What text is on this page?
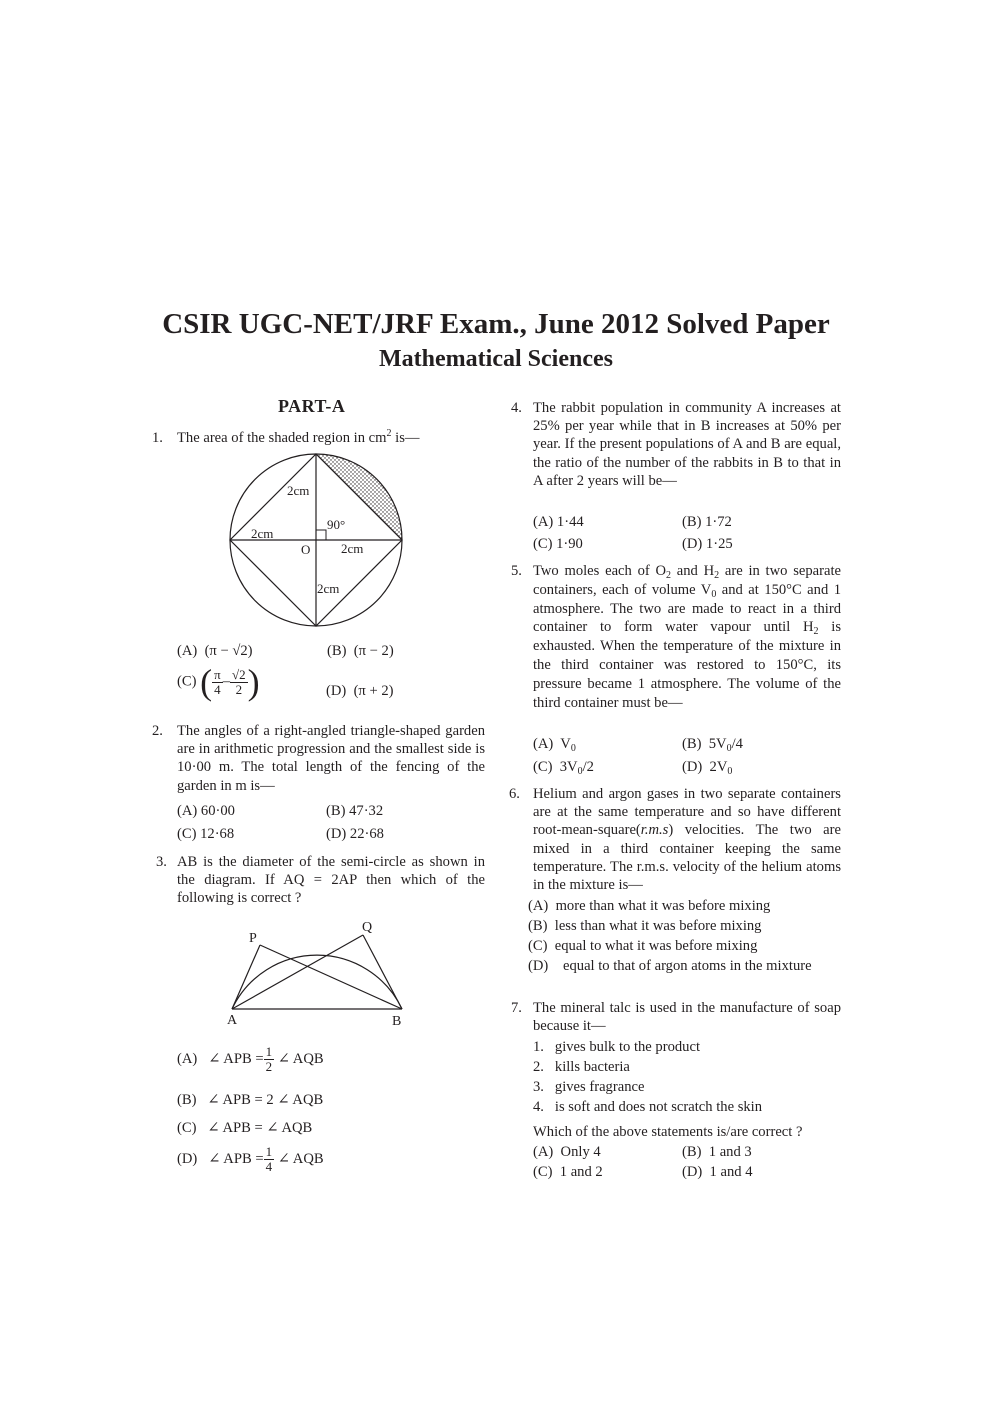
CSIR UGC-NET/JRF Exam., June 2012 Solved Paper
Mathematical Sciences
PART-A
1. The area of the shaded region in $cm^2$ is—
2cm
2cm
2cm
2cm
90°
O
(A) (π − √2)	(B) (π − 2)
(C) ( $\frac{\pi}{4} - \frac{√2}{2}$ )	(D) (π + 2)
2. The angles of a right-angled triangle-shaped garden are in arithmetic progression and the smallest side is 10·00 m. The total length of the fencing of the garden in m is—
(A) 60·00	(B) 47·32
(C) 12·68	(D) 22·68
3. AB is the diameter of the semi-circle as shown in the diagram. If AQ = 2AP then which of the following is correct ?
P
Q
A	B
(A) ∠ APB = $\frac{1}{2}$ ∠ AQB
(B)   ∠ APB = 2 ∠ AQB
(C)   ∠ APB = ∠ AQB
(D) ∠ APB = $\frac{1}{4}$ ∠ AQB
4. The rabbit population in community A increases at 25% per year while that in B increases at 50% per year. If the present populations of A and B are equal, the ratio of the number of the rabbits in B to that in A after 2 years will be—
(A) 1·44	(B) 1·72
(C) 1·90	(D) 1·25
5. Two moles each of $O_2$ and $H_2$ are in two separate containers, each of volume $V_0$ and at 150°C and 1 atmosphere. The two are made to react in a third container to form water vapour until $H_2$ is exhausted. When the temperature of the mixture in the third container was restored to 150°C, its pressure became 1 atmosphere. The volume of the third container must be—
(A)  $V_0$	(B)  $5V_0/4$
(C)  $3V_0/2$	(D)  $2V_0$
6. Helium and argon gases in two separate containers are at the same temperature and so have different root-mean-square(r.m.s) velocities. The two are mixed in a third container keeping the same temperature. The r.m.s. velocity of the helium atoms in the mixture is—
(A) more than what it was before mixing
(B) less than what it was before mixing
(C) equal to what it was before mixing
(D) equal to that of argon atoms in the mixture
7. The mineral talc is used in the manufacture of soap because it—
1. gives bulk to the product
2. kills bacteria
3. gives fragrance
4. is soft and does not scratch the skin
Which of the above statements is/are correct ?
(A)  Only 4	(B)  1 and 3
(C)  1 and 2	(D)  1 and 4
